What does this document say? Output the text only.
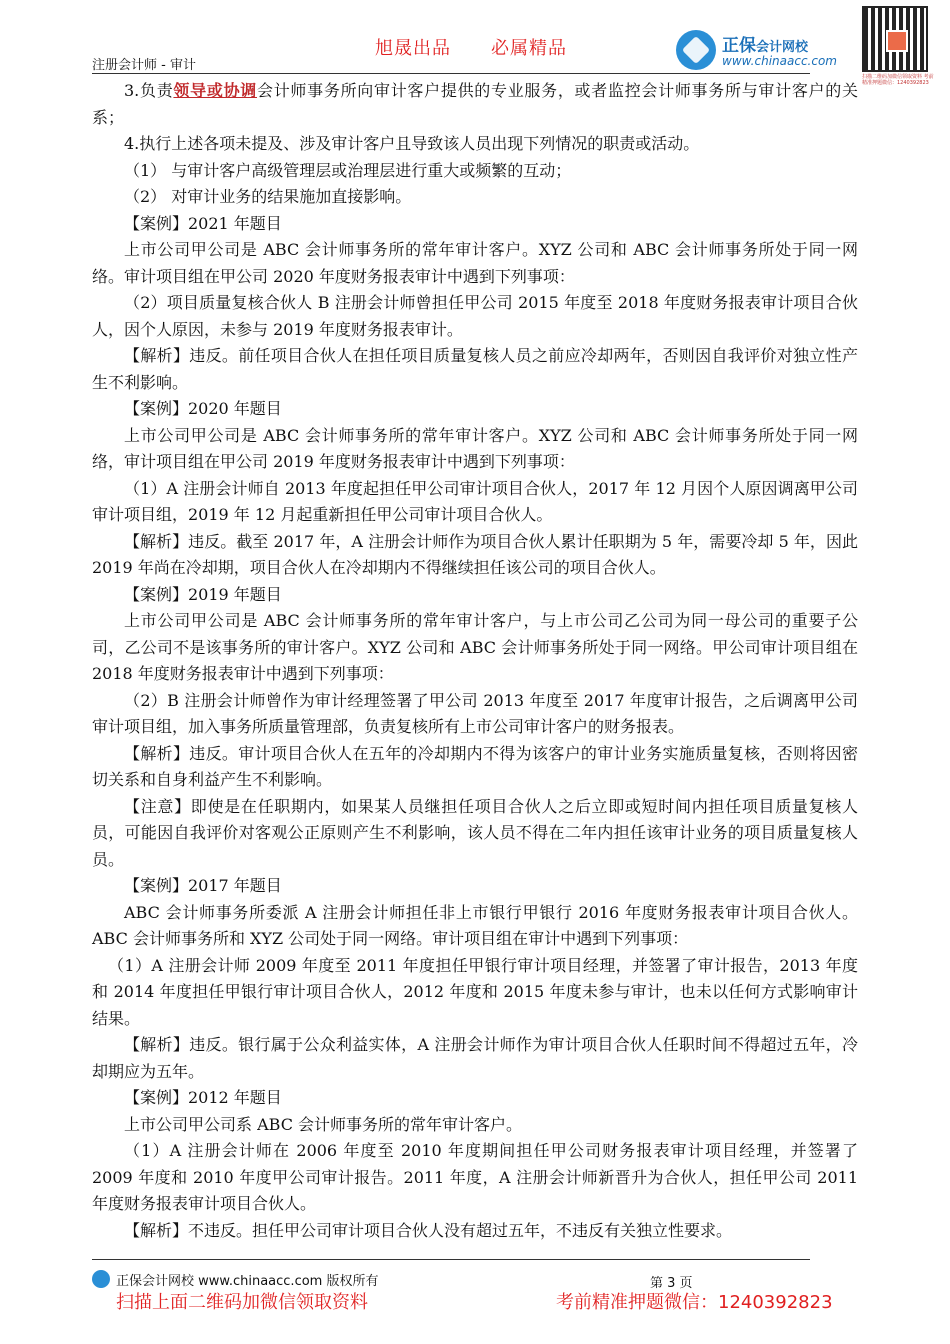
旭晟出品 必属精品
注册会计师 - 审计
正保会计网校
www.chinaacc.com
扫描二维码加微信领取资料 考前精准押题微信：1240392823

3.负责领导或协调会计师事务所向审计客户提供的专业服务，或者监控会计师事务所与审计客户的关系；

4.执行上述各项未提及、涉及审计客户且导致该人员出现下列情况的职责或活动。

（1） 与审计客户高级管理层或治理层进行重大或频繁的互动；

（2） 对审计业务的结果施加直接影响。

【案例】2021 年题目

上市公司甲公司是 ABC 会计师事务所的常年审计客户。XYZ 公司和 ABC 会计师事务所处于同一网络。审计项目组在甲公司 2020 年度财务报表审计中遇到下列事项：

（2）项目质量复核合伙人 B 注册会计师曾担任甲公司 2015 年度至 2018 年度财务报表审计项目合伙人，因个人原因，未参与 2019 年度财务报表审计。

【解析】违反。前任项目合伙人在担任项目质量复核人员之前应冷却两年，否则因自我评价对独立性产生不利影响。

【案例】2020 年题目

上市公司甲公司是 ABC 会计师事务所的常年审计客户。XYZ 公司和 ABC 会计师事务所处于同一网络，审计项目组在甲公司 2019 年度财务报表审计中遇到下列事项：

（1）A 注册会计师自 2013 年度起担任甲公司审计项目合伙人，2017 年 12 月因个人原因调离甲公司审计项目组，2019 年 12 月起重新担任甲公司审计项目合伙人。

【解析】违反。截至 2017 年，A 注册会计师作为项目合伙人累计任职期为 5 年，需要冷却 5 年，因此 2019 年尚在冷却期，项目合伙人在冷却期内不得继续担任该公司的项目合伙人。

【案例】2019 年题目

上市公司甲公司是 ABC 会计师事务所的常年审计客户，与上市公司乙公司为同一母公司的重要子公司，乙公司不是该事务所的审计客户。XYZ 公司和 ABC 会计师事务所处于同一网络。甲公司审计项目组在 2018 年度财务报表审计中遇到下列事项：

（2）B 注册会计师曾作为审计经理签署了甲公司 2013 年度至 2017 年度审计报告，之后调离甲公司审计项目组，加入事务所质量管理部，负责复核所有上市公司审计客户的财务报表。

【解析】违反。审计项目合伙人在五年的冷却期内不得为该客户的审计业务实施质量复核，否则将因密切关系和自身利益产生不利影响。

【注意】即使是在任职期内，如果某人员继担任项目合伙人之后立即或短时间内担任项目质量复核人员，可能因自我评价对客观公正原则产生不利影响，该人员不得在二年内担任该审计业务的项目质量复核人员。

【案例】2017 年题目

ABC 会计师事务所委派 A 注册会计师担任非上市银行甲银行 2016 年度财务报表审计项目合伙人。ABC 会计师事务所和 XYZ 公司处于同一网络。审计项目组在审计中遇到下列事项：

（1）A 注册会计师 2009 年度至 2011 年度担任甲银行审计项目经理，并签署了审计报告，2013 年度和 2014 年度担任甲银行审计项目合伙人，2012 年度和 2015 年度未参与审计，也未以任何方式影响审计结果。

【解析】违反。银行属于公众利益实体，A 注册会计师作为审计项目合伙人任职时间不得超过五年，冷却期应为五年。

【案例】2012 年题目

上市公司甲公司系 ABC 会计师事务所的常年审计客户。

（1）A 注册会计师在 2006 年度至 2010 年度期间担任甲公司财务报表审计项目经理，并签署了 2009 年度和 2010 年度甲公司审计报告。2011 年度，A 注册会计师新晋升为合伙人，担任甲公司 2011 年度财务报表审计项目合伙人。

【解析】不违反。担任甲公司审计项目合伙人没有超过五年，不违反有关独立性要求。

正保会计网校 www.chinaacc.com 版权所有	第 3 页
扫描上面二维码加微信领取资料	考前精准押题微信：1240392823
